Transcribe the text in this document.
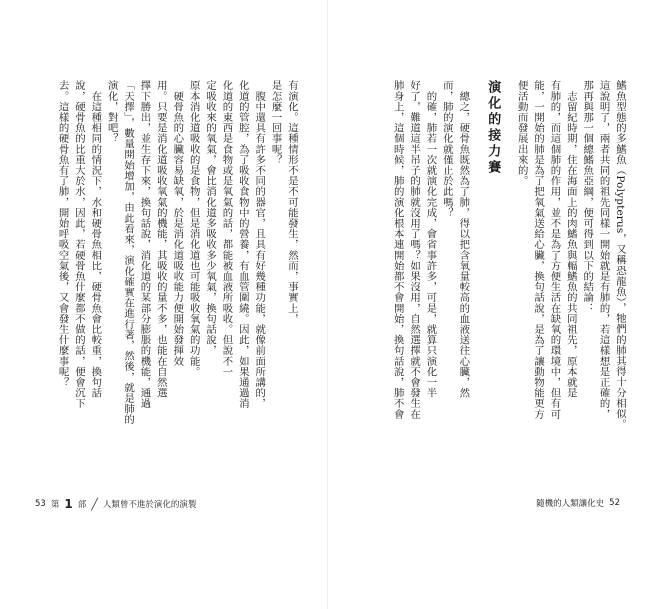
有演化。這種情形不是不可能發生，然而，事實上，
是怎麼一回事呢？
　腹中還具有許多不同的器官，且具有好幾種功能，就像前面所講的，
化道的管腔，為了吸收食物中的營養，有血管圍繞。因此，如果通過消
化道的東西是食物或是氧氣的話，都能被血液所吸收。但說不一
定吸收來的氧氣，會比消化道多吸收多少氧氣，換句話說，
原本消化道吸收的是食物，但是消化道也可能吸收氧氣的功能。
　硬骨魚的心臟容易缺氧，於是消化道吸收能力便開始發揮效
用。只要是消化道吸收氧氣的機能，其吸收的量不多，也能在自然選
擇下勝出，並生存下來，換句話說，消化道的某部分膨脹的機能，通過
「天擇」，數量開始增加，由此看來，演化確實在進行著，然後，就是肺的
演化，對吧？
　在這種相同的情況下，水和硬骨魚相比，硬骨魚會比較重，換句話
說，硬骨魚的比重大於水，因此，若硬骨魚什麼都不做的話，便會沉下
去。這樣的硬骨魚有了肺，開始呼吸空氣後，又會發生什麼事呢？
53 第 1 部 ╱ 人類曾不進於演化的演製
鰭魚型態的多鰭魚（Polypterus，又稱恐龍魚），牠們的肺其得十分相似。
這說明了，兩者共同的祖先同樣一開始就是有肺的，若這樣想是正確的，
那再與那一個總鰭魚亞綱，便可得到以下的結論：
　志留紀時期，住在海面上的肉鰭魚與輻鰭魚的共同祖先，原本就是
有肺的，而這個肺的作用，並不是為了方便生活在缺氧的環境中，但有可
能，一開始的肺是為了把氧氣送給心臟，換句話說，是為了讓動物能更方
便活動而發展出來的。
演化的接力賽
　總之，硬骨魚既然為了肺，得以把含氧量較高的血液送往心臟，然
而，肺的演化就僅止於此嗎？
　的確，肺若一次就演化完成，會省事許多，可是，就算只演化一半
好了，難道這半吊子的肺就沒用了嗎？如果沒用，自然選擇就不會發生在
肺身上，這個時候，肺的演化根本連開始都不會開始，換句話說，肺不會
隨機的人類讓化史 52
